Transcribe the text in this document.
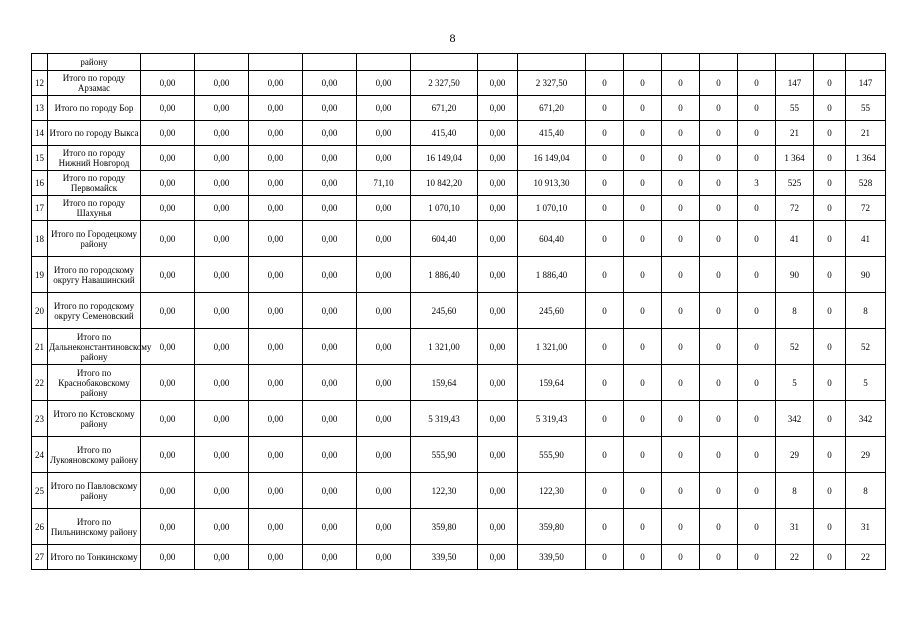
8
	району																
12	Итого по городу Арзамас	0,00	0,00	0,00	0,00	0,00	2 327,50	0,00	2 327,50	0	0	0	0	0	147	0	147
13	Итого по городу Бор	0,00	0,00	0,00	0,00	0,00	671,20	0,00	671,20	0	0	0	0	0	55	0	55
14	Итого по городу Выкса	0,00	0,00	0,00	0,00	0,00	415,40	0,00	415,40	0	0	0	0	0	21	0	21
15	Итого по городу Нижний Новгород	0,00	0,00	0,00	0,00	0,00	16 149,04	0,00	16 149,04	0	0	0	0	0	1 364	0	1 364
16	Итого по городу Первомайск	0,00	0,00	0,00	0,00	71,10	10 842,20	0,00	10 913,30	0	0	0	0	3	525	0	528
17	Итого по городу Шахунья	0,00	0,00	0,00	0,00	0,00	1 070,10	0,00	1 070,10	0	0	0	0	0	72	0	72
18	Итого по Городецкому району	0,00	0,00	0,00	0,00	0,00	604,40	0,00	604,40	0	0	0	0	0	41	0	41
19	Итого по городскому округу Навашинский	0,00	0,00	0,00	0,00	0,00	1 886,40	0,00	1 886,40	0	0	0	0	0	90	0	90
20	Итого по городскому округу Семеновский	0,00	0,00	0,00	0,00	0,00	245,60	0,00	245,60	0	0	0	0	0	8	0	8
21	Итого по Дальнеконстантиновскому району	0,00	0,00	0,00	0,00	0,00	1 321,00	0,00	1 321,00	0	0	0	0	0	52	0	52
22	Итого по Краснобаковскому району	0,00	0,00	0,00	0,00	0,00	159,64	0,00	159,64	0	0	0	0	0	5	0	5
23	Итого по Кстовскому району	0,00	0,00	0,00	0,00	0,00	5 319,43	0,00	5 319,43	0	0	0	0	0	342	0	342
24	Итого по Лукояновскому району	0,00	0,00	0,00	0,00	0,00	555,90	0,00	555,90	0	0	0	0	0	29	0	29
25	Итого по Павловскому району	0,00	0,00	0,00	0,00	0,00	122,30	0,00	122,30	0	0	0	0	0	8	0	8
26	Итого по Пильнинскому району	0,00	0,00	0,00	0,00	0,00	359,80	0,00	359,80	0	0	0	0	0	31	0	31
27	Итого по Тонкинскому	0,00	0,00	0,00	0,00	0,00	339,50	0,00	339,50	0	0	0	0	0	22	0	22
